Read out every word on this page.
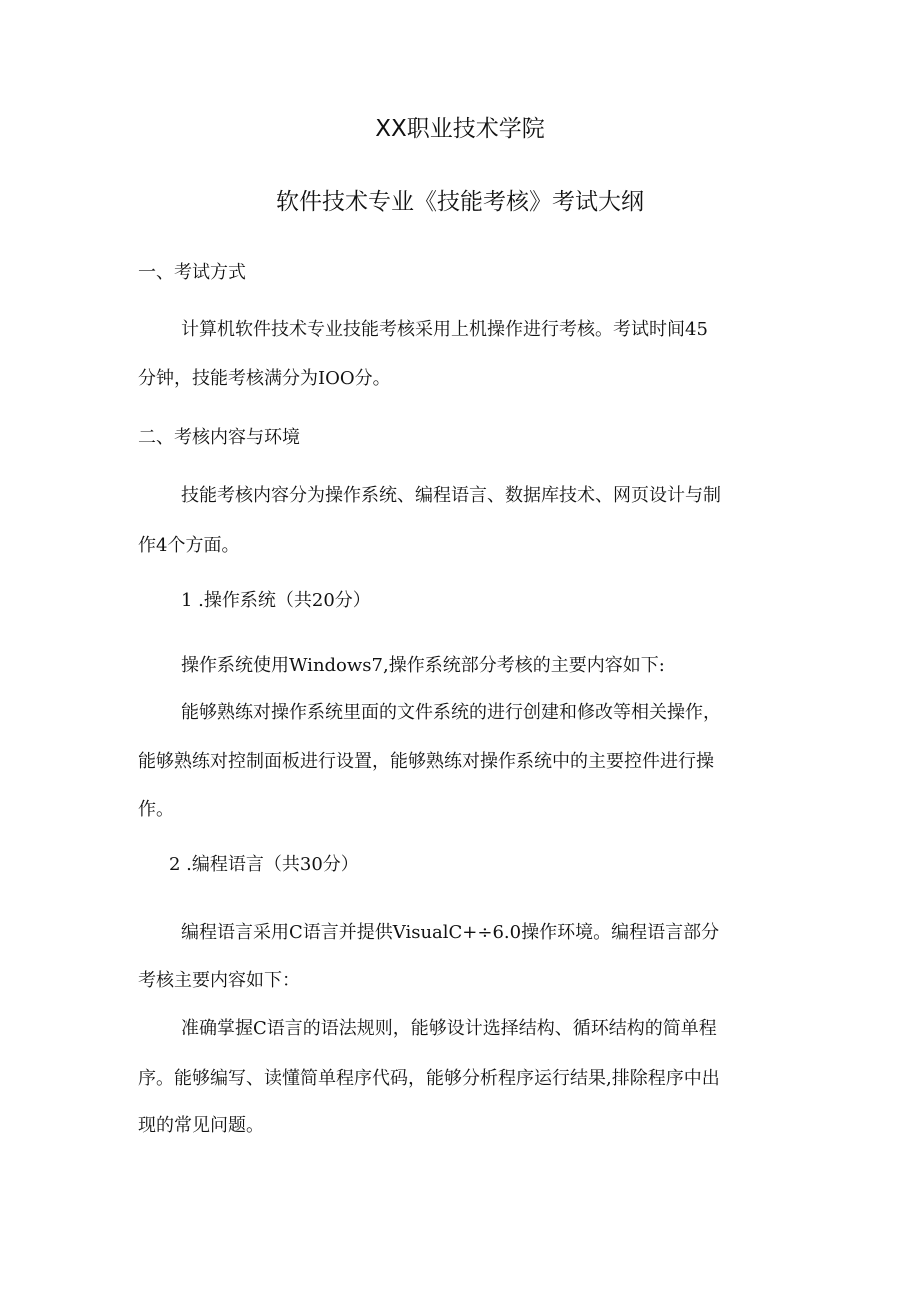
XX职业技术学院
软件技术专业《技能考核》考试大纲
一、考试方式
计算机软件技术专业技能考核采用上机操作进行考核。考试时间45
分钟，技能考核满分为IOO分。
二、考核内容与环境
技能考核内容分为操作系统、编程语言、数据库技术、网页设计与制
作4个方面。
1 .操作系统（共20分）
操作系统使用Windows7,操作系统部分考核的主要内容如下:
能够熟练对操作系统里面的文件系统的进行创建和修改等相关操作，
能够熟练对控制面板进行设置，能够熟练对操作系统中的主要控件进行操
作。
2 .编程语言（共30分）
编程语言采用C语言并提供VisualC+÷6.0操作环境。编程语言部分
考核主要内容如下：
准确掌握C语言的语法规则，能够设计选择结构、循环结构的简单程
序。能够编写、读懂简单程序代码，能够分析程序运行结果,排除程序中出
现的常见问题。
